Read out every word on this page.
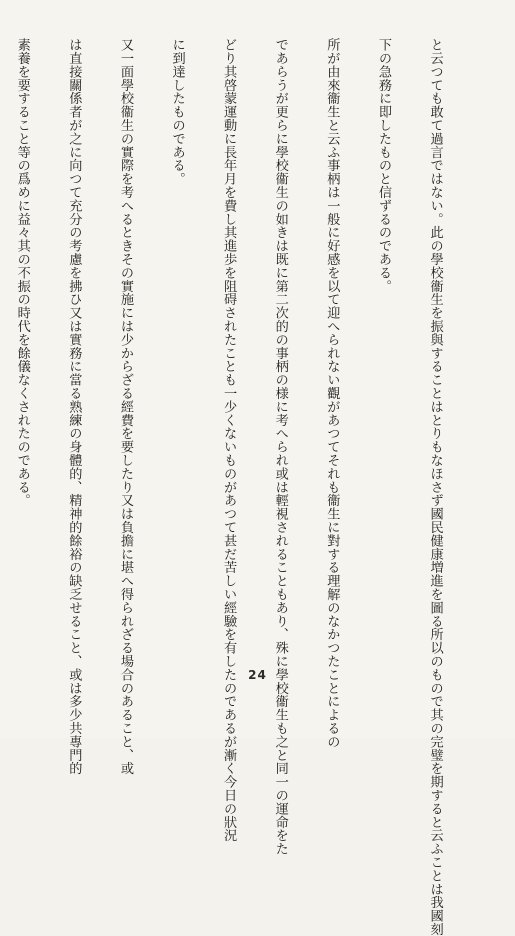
と云つても敢て過言ではない。此の學校衞生を振與することはとりもなほさず國民健康増進を圖る所以のもので其の完璧を期すると云ふことは我國刻

下の急務に即したものと信ずるのである。

所が由來衞生と云ふ事柄は一般に好感を以て迎へられない觀があつてそれも衞生に對する理解のなかつたことによるの

であらうが更らに學校衞生の如きは既に第二次的の事柄の様に考へられ或は輕視されることもあり、殊に學校衞生も之と同一の運命をた

どり其啓蒙運動に長年月を費し其進歩を阻碍されたことも一少くないものがあつて甚だ苦しい經驗を有したのであるが漸く今日の狀況

に到達したものである。

又一面學校衞生の實際を考へるときその實施には少からざる經費を要したり又は負擔に堪へ得られざる場合のあること、或

は直接關係者が之に向つて充分の考慮を拂ひ又は實務に當る熟練の身體的、精神的餘裕の缺乏せること、或は多少共專門的

素養を要すること等の爲めに益々其の不振の時代を餘儀なくされたのである。

24
